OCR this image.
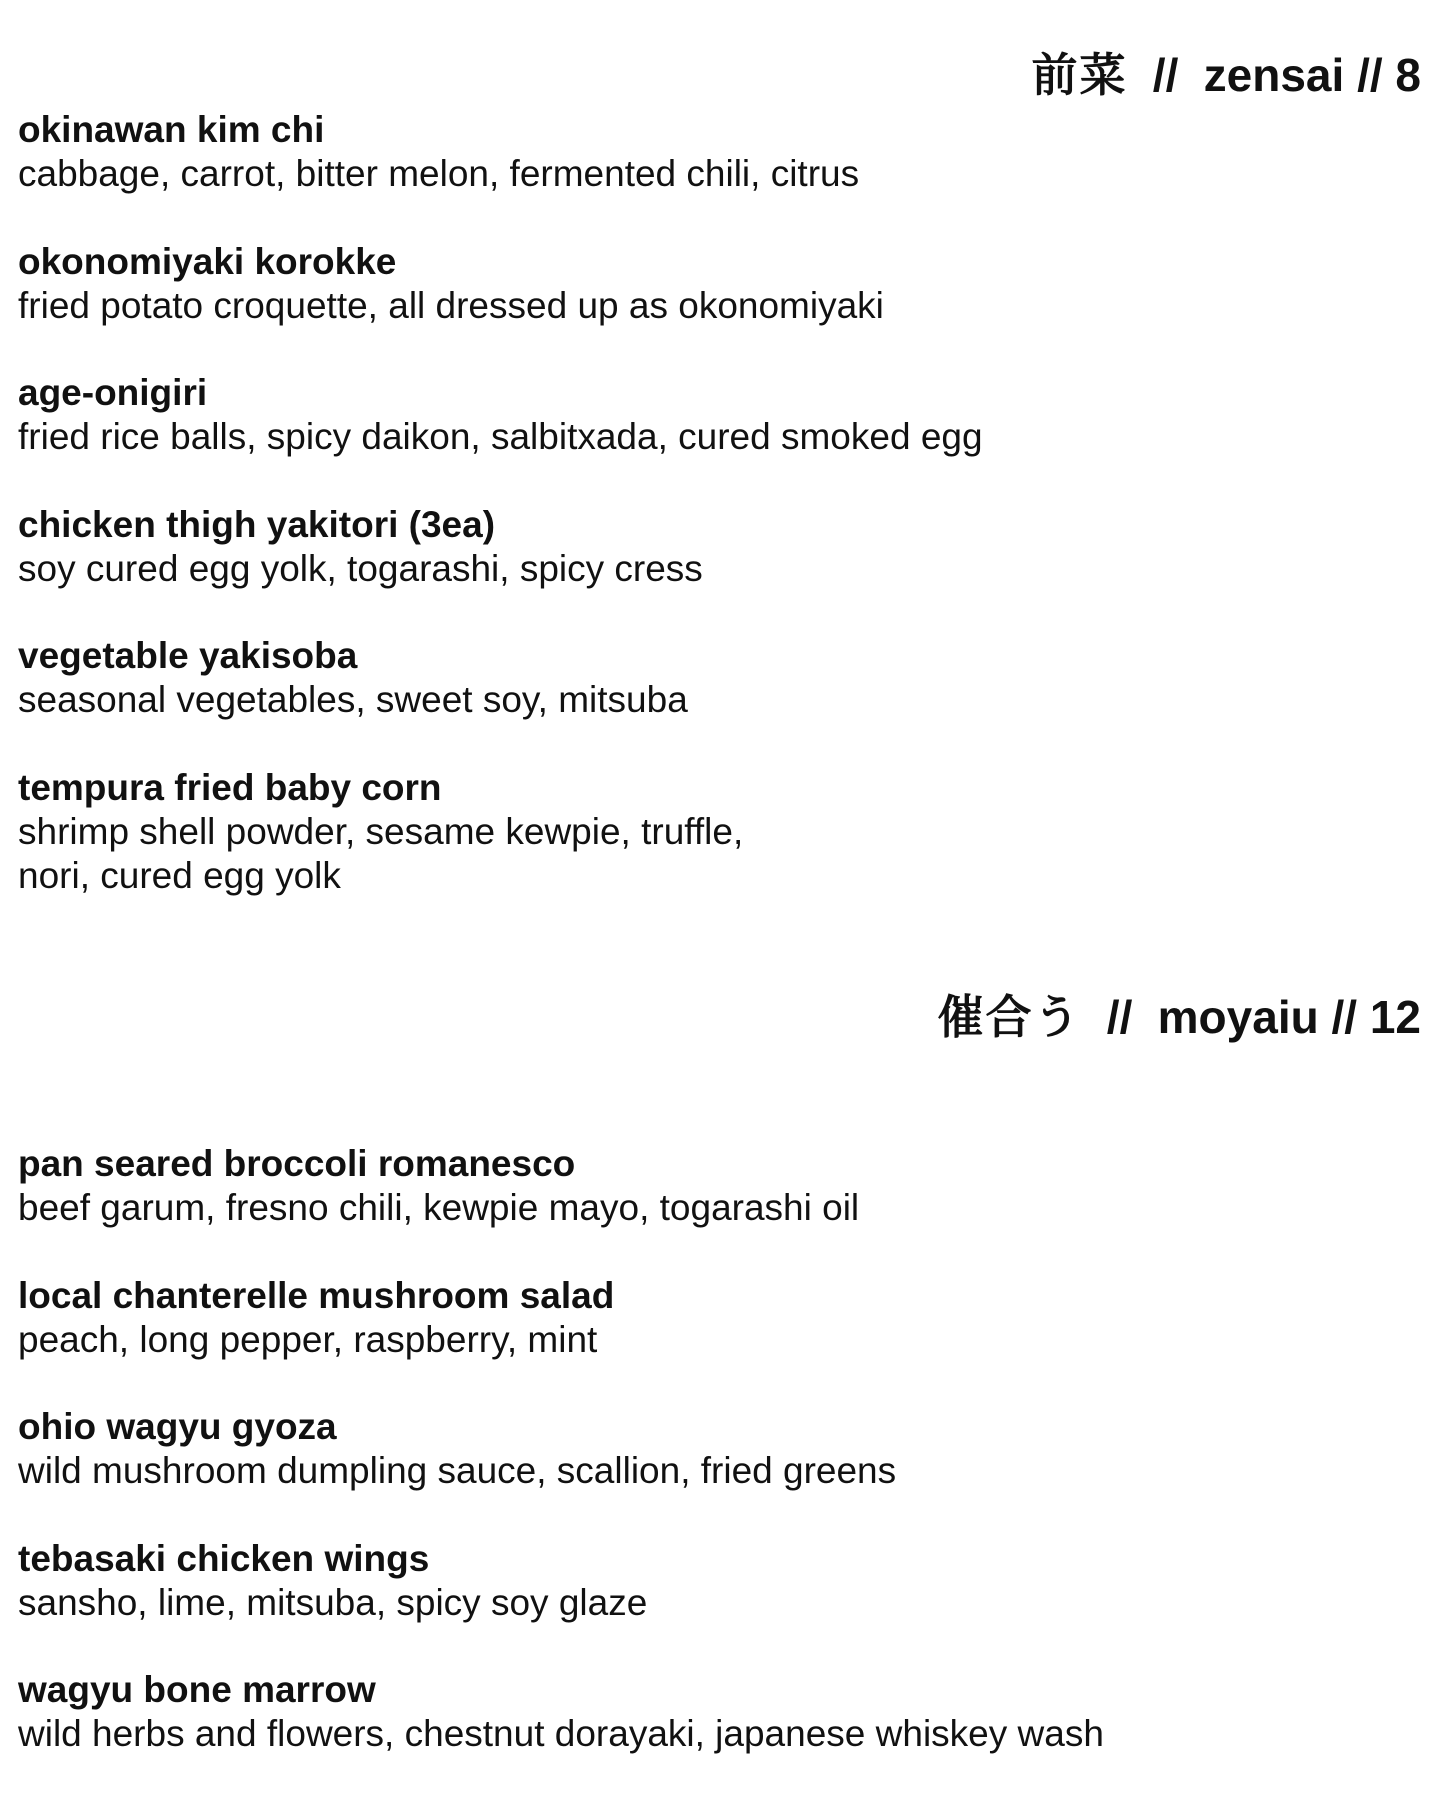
前菜 // zensai // 8
okinawan kim chi
cabbage, carrot, bitter melon, fermented chili, citrus
okonomiyaki korokke
fried potato croquette, all dressed up as okonomiyaki
age-onigiri
fried rice balls, spicy daikon, salbitxada, cured smoked egg
chicken thigh yakitori (3ea)
soy cured egg yolk, togarashi, spicy cress
vegetable yakisoba
seasonal vegetables, sweet soy, mitsuba
tempura fried baby corn
shrimp shell powder, sesame kewpie, truffle,
nori, cured egg yolk
催合う // moyaiu // 12
pan seared broccoli romanesco
beef garum, fresno chili, kewpie mayo, togarashi oil
local chanterelle mushroom salad
peach, long pepper, raspberry, mint
ohio wagyu gyoza
wild mushroom dumpling sauce, scallion, fried greens
tebasaki chicken wings
sansho, lime, mitsuba, spicy soy glaze
wagyu bone marrow
wild herbs and flowers, chestnut dorayaki, japanese whiskey wash
